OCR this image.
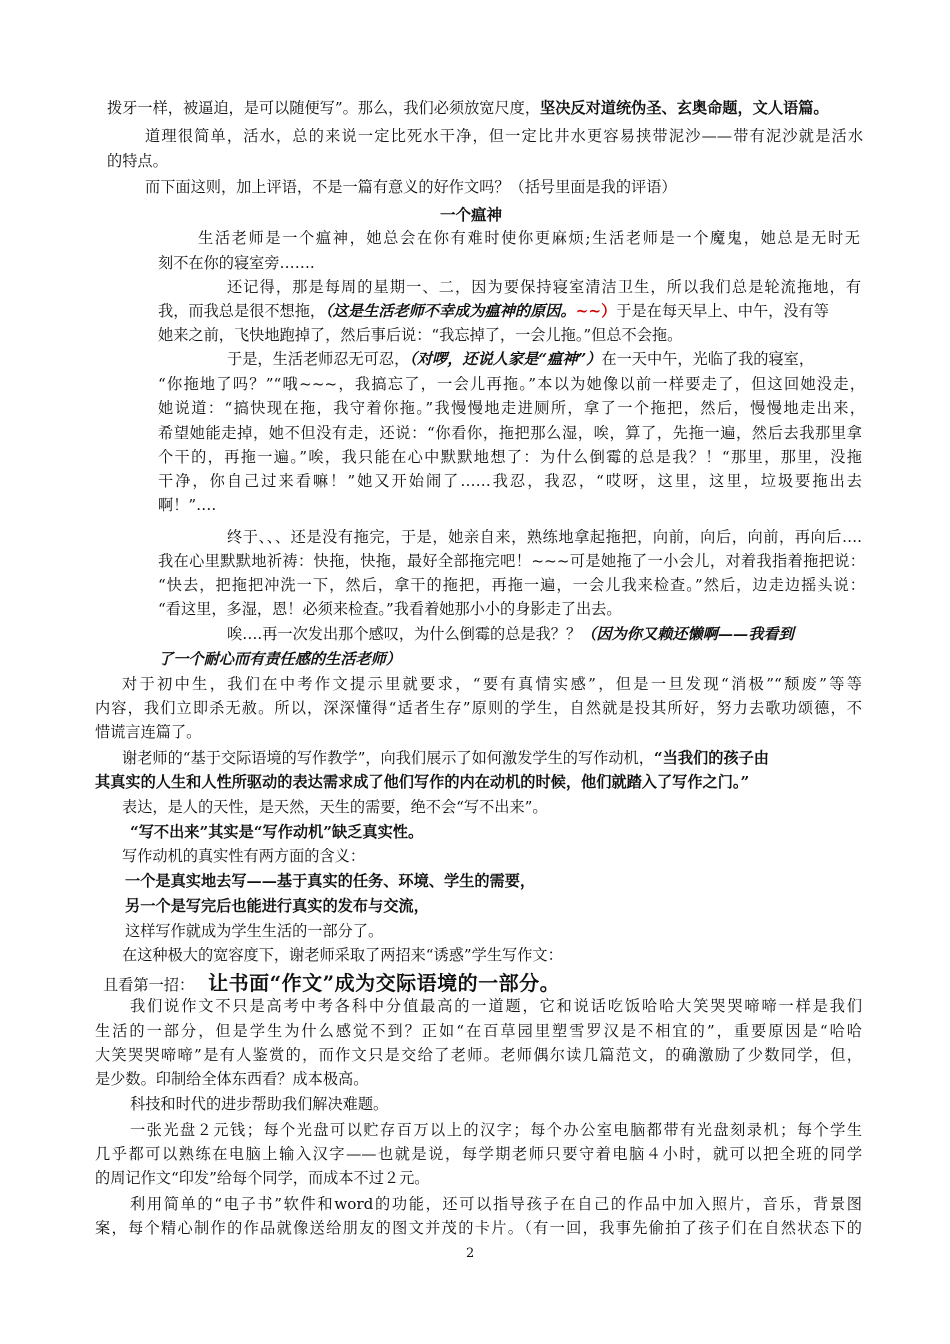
拨牙一样，被逼迫，是可以随便写”。那么，我们必须放宽尺度，坚决反对道统伪圣、玄奥命题，文人语篇。

道理很简单，活水，总的来说一定比死水干净，但一定比井水更容易挟带泥沙——带有泥沙就是活水

的特点。

而下面这则，加上评语，不是一篇有意义的好作文吗？（括号里面是我的评语）

一个瘟神

生活老师是一个瘟神，她总会在你有难时使你更麻烦;生活老师是一个魔鬼，她总是无时无

刻不在你的寝室旁…….

还记得，那是每周的星期一、二，因为要保持寝室清洁卫生，所以我们总是轮流拖地，有

我，而我总是很不想拖，（这是生活老师不幸成为瘟神的原因。~~）于是在每天早上、中午，没有等

她来之前，飞快地跑掉了，然后事后说：“我忘掉了，一会儿拖。”但总不会拖。

于是，生活老师忍无可忍，（对啰，还说人家是“瘟神”）在一天中午，光临了我的寝室，

“你拖地了吗？”“哦~~~，我搞忘了，一会儿再拖。”本以为她像以前一样要走了，但这回她没走，

她说道：“搞快现在拖，我守着你拖。”我慢慢地走进厕所，拿了一个拖把，然后，慢慢地走出来，

希望她能走掉，她不但没有走，还说：“你看你，拖把那么湿，唉，算了，先拖一遍，然后去我那里拿

个干的，再拖一遍。”唉，我只能在心中默默地想了：为什么倒霉的总是我？！“那里，那里，没拖

干净，你自己过来看嘛！”她又开始闹了……我忍，我忍，“哎呀，这里，这里，垃圾要拖出去

啊！”….

终于、、、还是没有拖完，于是，她亲自来，熟练地拿起拖把，向前，向后，向前，再向后….

我在心里默默地祈祷：快拖，快拖，最好全部拖完吧！~~~可是她拖了一小会儿，对着我指着拖把说：

“快去，把拖把冲洗一下，然后，拿干的拖把，再拖一遍，一会儿我来检查。”然后，边走边摇头说：

“看这里，多湿，恩！必须来检查。”我看着她那小小的身影走了出去。

唉….再一次发出那个感叹，为什么倒霉的总是我？？（因为你又赖还懒啊——我看到

了一个耐心而有责任感的生活老师）

对于初中生，我们在中考作文提示里就要求，“要有真情实感”，但是一旦发现“消极”“颓废”等等

内容，我们立即杀无赦。所以，深深懂得“适者生存”原则的学生，自然就是投其所好，努力去歌功颂德，不

惜谎言连篇了。

谢老师的“基于交际语境的写作教学”，向我们展示了如何激发学生的写作动机，“当我们的孩子由

其真实的人生和人性所驱动的表达需求成了他们写作的内在动机的时候，他们就踏入了写作之门。”

表达，是人的天性，是天然，天生的需要，绝不会“写不出来”。

“写不出来”其实是“写作动机”缺乏真实性。

写作动机的真实性有两方面的含义：

一个是真实地去写——基于真实的任务、环境、学生的需要，

另一个是写完后也能进行真实的发布与交流，

这样写作就成为学生生活的一部分了。

在这种极大的宽容度下，谢老师采取了两招来“诱惑”学生写作文：

且看第一招： 让书面“作文”成为交际语境的一部分。

我们说作文不只是高考中考各科中分值最高的一道题，它和说话吃饭哈哈大笑哭哭啼啼一样是我们

生活的一部分，但是学生为什么感觉不到？正如“在百草园里塑雪罗汉是不相宜的”，重要原因是“哈哈

大笑哭哭啼啼”是有人鉴赏的，而作文只是交给了老师。老师偶尔读几篇范文，的确激励了少数同学，但，

是少数。印制给全体东西看？成本极高。

科技和时代的进步帮助我们解决难题。

一张光盘２元钱；每个光盘可以贮存百万以上的汉字；每个办公室电脑都带有光盘刻录机；每个学生

几乎都可以熟练在电脑上输入汉字——也就是说，每学期老师只要守着电脑４小时，就可以把全班的同学

的周记作文“印发”给每个同学，而成本不过２元。

利用简单的“电子书”软件和word的功能，还可以指导孩子在自己的作品中加入照片，音乐，背景图

案，每个精心制作的作品就像送给朋友的图文并茂的卡片。（有一回，我事先偷拍了孩子们在自然状态下的

2
